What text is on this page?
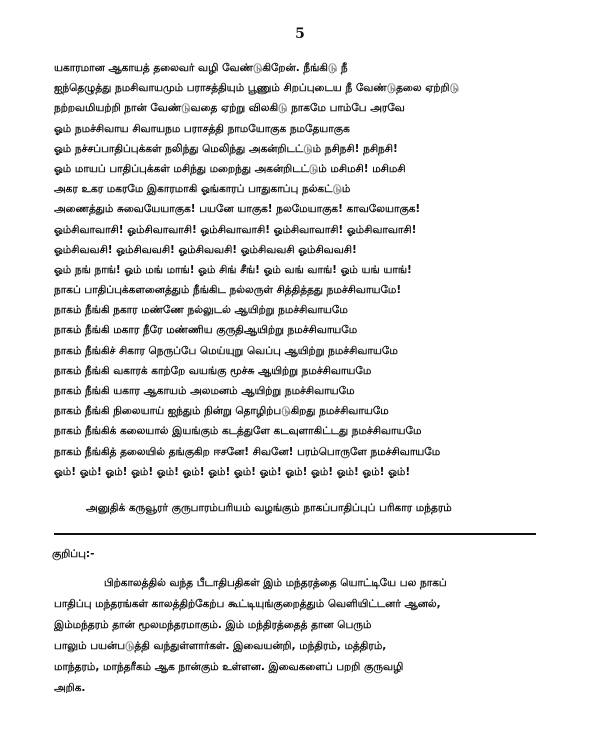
5
யகாரமான ஆகாயத் தலைவர் வழி வேண்டுகிறேன். நீங்கிடு நீ
ஐந்தெழுத்து நமசிவாயமும் பராசத்தியும் பூணும் சிறப்புடைய நீ வேண்டுதலை ஏற்றிடு
நற்றவமியற்றி நான் வேண்டுவதை ஏற்று விலகிடு நாகமே பாம்பே அரவே
ஓம் நமச்சிவாய சிவாயநம பராசத்தி நாமயோகுக நமதேயாகுக
ஓம் நச்சப்பாதிப்புக்கள் நலிந்து மெலிந்து அகன்றிடட்டும் நசிநசி! நசிநசி!
ஓம் மாயப் பாதிப்புக்கள் மசிந்து மறைந்து அகன்றிடட்டும் மசிமசி! மசிமசி
அகர உகர மகரமே இகாரமாகி ஓங்காரப் பாதுகாப்பு நல்கட்டும்
அணைத்தும் சுவையேயாகுக! பயனே யாகுக! நலமேயாகுக! காவலேயாகுக!
ஓம்சிவாவாசி! ஓம்சிவாவாசி! ஓம்சிவாவாசி! ஓம்சிவாவாசி! ஓம்சிவாவாசி!
ஓம்சிவவசி! ஓம்சிவவசி! ஓம்சிவவசி! ஓம்சிவவசி ஓம்சிவவசி!
ஓம் நங் நாங்! ஓம் மங் மாங்! ஓம் சிங் சீங்! ஓம் வங் வாங்! ஓம் யங் யாங்!
நாகப் பாதிப்புக்களனைத்தும் நீங்கிட நல்லருள் சித்தித்தது நமச்சிவாயமே!
நாகம் நீங்கி நகார மண்ணே நல்லுடல் ஆயிற்று நமச்சிவாயமே
நாகம் நீங்கி மகார நீரே மண்ணிய குருதிஆயிற்று நமச்சிவாயமே
நாகம் நீங்கிச் சிகார நெருப்பே மெய்யுறு வெப்பு ஆயிற்று நமச்சிவாயமே
நாகம் நீங்கி வகாரக் காற்றே வயங்கு மூச்சு ஆயிற்று நமச்சிவாயமே
நாகம் நீங்கி யகார ஆகாயம் அலமனம் ஆயிற்று நமச்சிவாயமே
நாகம் நீங்கி நிலையாய் ஐந்தும் நின்று தொழிற்படுகிறது நமச்சிவாயமே
நாகம் நீங்கிக் கலையால் இயங்கும் கடத்துளே கடவுளாகிட்டது நமச்சிவாயமே
நாகம் நீங்கித் தலையில் தங்குகிற ஈசனே! சிவனே! பரம்பொருளே நமச்சிவாயமே
ஓம்! ஓம்! ஓம்! ஓம்! ஓம்! ஓம்! ஓம்! ஓம்! ஓம்! ஓம்! ஓம்! ஓம்! ஓம்! ஓம்!
அனுதிக் கருவூரர் குருபாரம்பரியம் வழங்கும் நாகப்பாதிப்புப் பரிகார மந்தரம்
குறிப்பு:-
பிற்காலத்தில் வந்த பீடாதிபதிகள் இம் மந்தரத்தை யொட்டியே பல நாகப்
பாதிப்பு மந்தரங்கள் காலத்திற்கேற்ப கூட்டியுங்குறைத்தும் வெளியிட்டனர் ஆனல்,
இம்மந்தரம் தான் மூலமந்தரமாகும். இம் மந்திரத்தைத் தான பெரும்
பாலும் பயன்படுத்தி வந்துள்ளார்கள். இவையன்றி, மந்திரம், மத்திரம்,
மாந்தரம், மாந்தரீகம் ஆக நான்கும் உள்ளன. இவைகளைப் பறறி குருவழி
அறிக.
